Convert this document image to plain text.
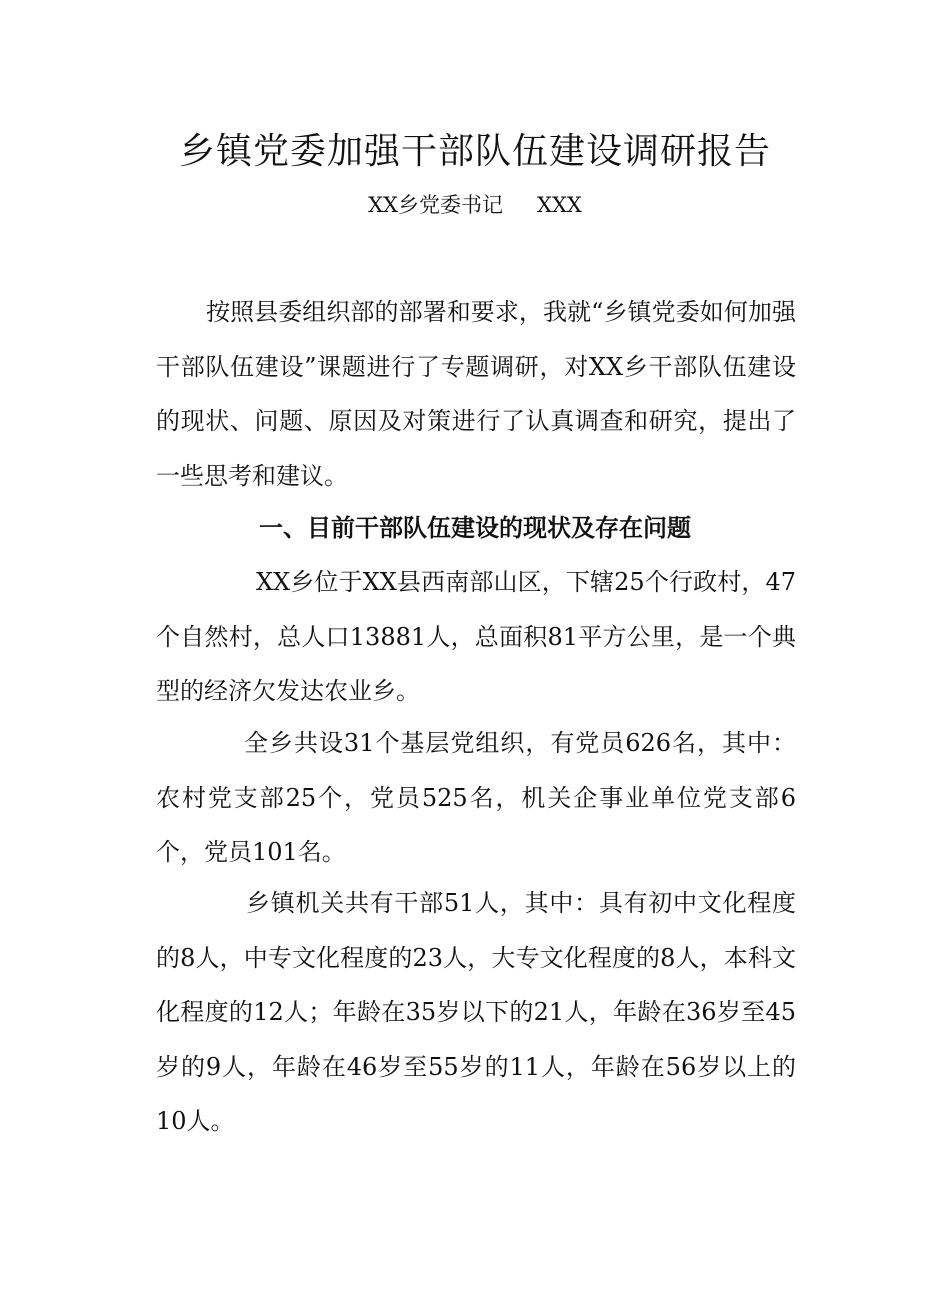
乡镇党委加强干部队伍建设调研报告
XX乡党委书记 XXX

按照县委组织部的部署和要求，我就“乡镇党委如何加强干部队伍建设”课题进行了专题调研，对XX乡干部队伍建设的现状、问题、原因及对策进行了认真调查和研究，提出了一些思考和建议。

一、目前干部队伍建设的现状及存在问题

XX乡位于XX县西南部山区，下辖25个行政村，47个自然村，总人口13881人，总面积81平方公里，是一个典型的经济欠发达农业乡。

全乡共设31个基层党组织，有党员626名，其中：农村党支部25个，党员525名，机关企事业单位党支部6个，党员101名。

乡镇机关共有干部51人，其中：具有初中文化程度的8人，中专文化程度的23人，大专文化程度的8人，本科文化程度的12人；年龄在35岁以下的21人，年龄在36岁至45岁的9人，年龄在46岁至55岁的11人，年龄在56岁以上的10人。
